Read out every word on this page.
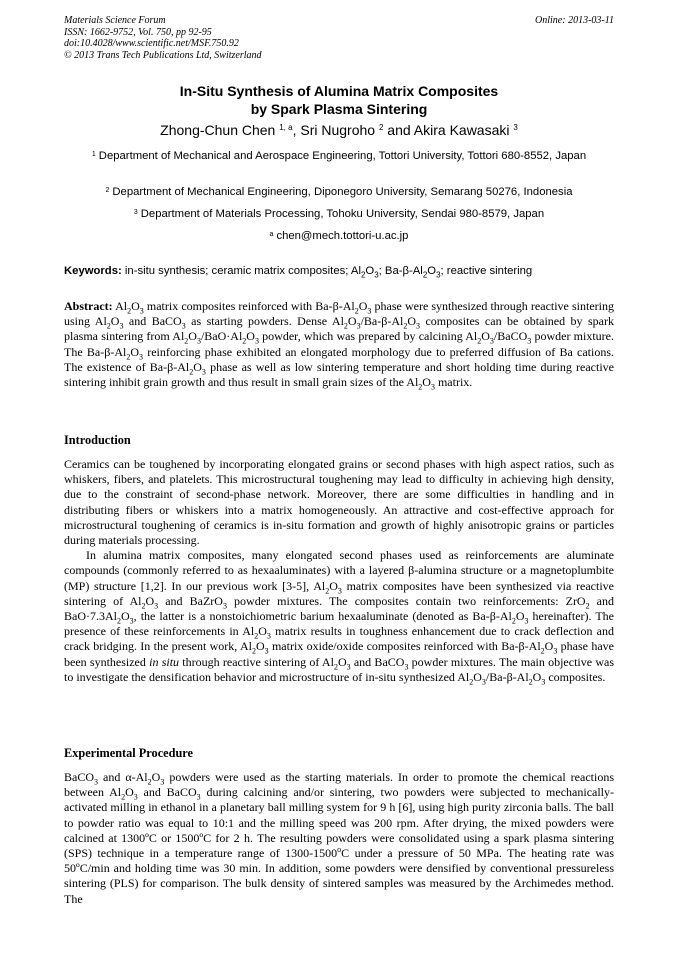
Materials Science Forum
ISSN: 1662-9752, Vol. 750, pp 92-95
doi:10.4028/www.scientific.net/MSF.750.92
© 2013 Trans Tech Publications Ltd, Switzerland
Online: 2013-03-11
In-Situ Synthesis of Alumina Matrix Composites
by Spark Plasma Sintering
Zhong-Chun Chen $^{1, a}$, Sri Nugroho $^2$ and Akira Kawasaki $^3$
$^1$ Department of Mechanical and Aerospace Engineering, Tottori University, Tottori 680-8552, Japan
$^2$ Department of Mechanical Engineering, Diponegoro University, Semarang 50276, Indonesia
$^3$ Department of Materials Processing, Tohoku University, Sendai 980-8579, Japan
$^a$ chen@mech.tottori-u.ac.jp
Keywords: in-situ synthesis; ceramic matrix composites; $Al_2O_3$; $Ba-\beta-Al_2O_3$; reactive sintering

Abstract: $Al_2O_3$ matrix composites reinforced with $Ba-\beta-Al_2O_3$ phase were synthesized through reactive sintering using $Al_2O_3$ and BaCO$_3$ as starting powders. Dense $Al_2O_3/Ba-\beta-Al_2O_3$ composites can be obtained by spark plasma sintering from $Al_2O_3/BaO\cdot Al_2O_3$ powder, which was prepared by calcining $Al_2O_3/BaCO_3$ powder mixture. The $Ba-\beta-Al_2O_3$ reinforcing phase exhibited an elongated morphology due to preferred diffusion of Ba cations. The existence of $Ba-\beta-Al_2O_3$ phase as well as low sintering temperature and short holding time during reactive sintering inhibit grain growth and thus result in small grain sizes of the $Al_2O_3$ matrix.

Introduction

Ceramics can be toughened by incorporating elongated grains or second phases with high aspect ratios, such as whiskers, fibers, and platelets. This microstructural toughening may lead to difficulty in achieving high density, due to the constraint of second-phase network. Moreover, there are some difficulties in handling and in distributing fibers or whiskers into a matrix homogeneously. An attractive and cost-effective approach for microstructural toughening of ceramics is in-situ formation and growth of highly anisotropic grains or particles during materials processing.

In alumina matrix composites, many elongated second phases used as reinforcements are aluminate compounds (commonly referred to as hexaaluminates) with a layered β-alumina structure or a magnetoplumbite (MP) structure [1,2]. In our previous work [3-5], $Al_2O_3$ matrix composites have been synthesized via reactive sintering of $Al_2O_3$ and BaZrO$_3$ powder mixtures. The composites contain two reinforcements: ZrO$_2$ and $BaO\cdot 7.3Al_2O_3$, the latter is a nonstoichiometric barium hexaaluminate (denoted as $Ba-\beta-Al_2O_3$ hereinafter). The presence of these reinforcements in $Al_2O_3$ matrix results in toughness enhancement due to crack deflection and crack bridging. In the present work, $Al_2O_3$ matrix oxide/oxide composites reinforced with $Ba-\beta-Al_2O_3$ phase have been synthesized in situ through reactive sintering of $Al_2O_3$ and BaCO$_3$ powder mixtures. The main objective was to investigate the densification behavior and microstructure of in-situ synthesized $Al_2O_3/Ba-\beta-Al_2O_3$ composites.

Experimental Procedure

BaCO$_3$ and $\alpha-Al_2O_3$ powders were used as the starting materials. In order to promote the chemical reactions between $Al_2O_3$ and BaCO$_3$ during calcining and/or sintering, two powders were subjected to mechanically-activated milling in ethanol in a planetary ball milling system for 9 h [6], using high purity zirconia balls. The ball to powder ratio was equal to 10:1 and the milling speed was 200 rpm. After drying, the mixed powders were calcined at 1300ºC or 1500ºC for 2 h. The resulting powders were consolidated using a spark plasma sintering (SPS) technique in a temperature range of 1300-1500$^o$C under a pressure of 50 MPa. The heating rate was 50ºC/min and holding time was 30 min. In addition, some powders were densified by conventional pressureless sintering (PLS) for comparison. The bulk density of sintered samples was measured by the Archimedes method. The
